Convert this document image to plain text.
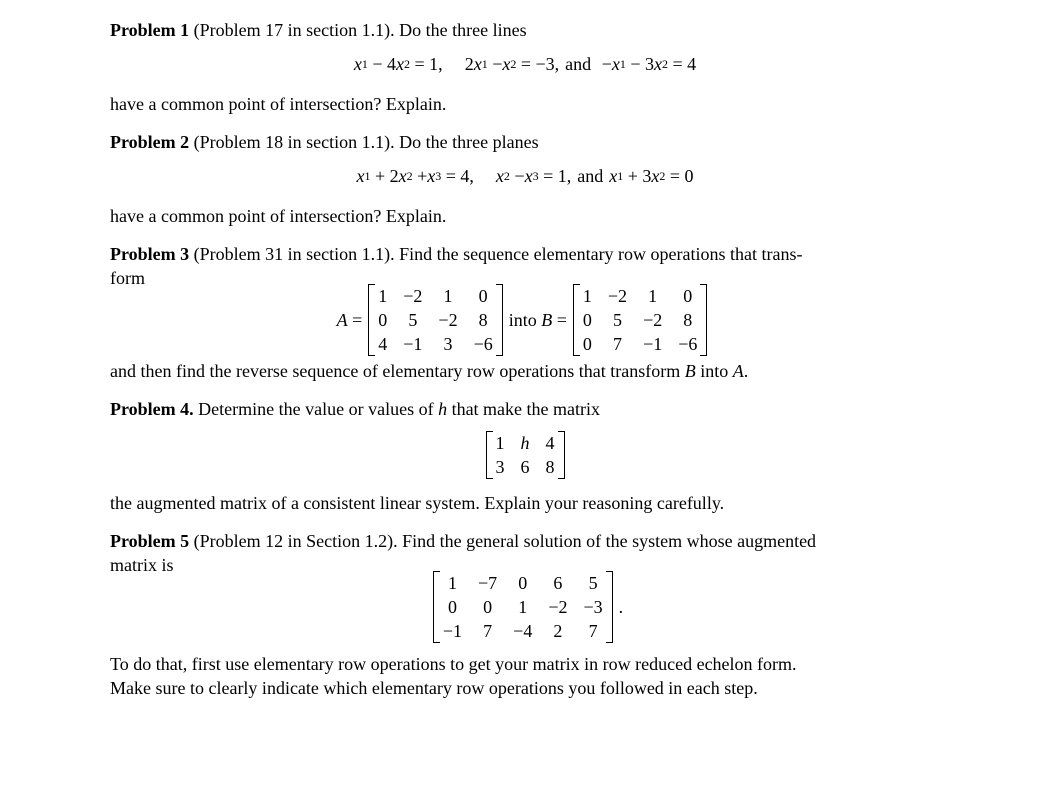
Problem 1 (Problem 17 in section 1.1). Do the three lines

x 1 − 4 x 2 = 1,
2 x 1 − x 2 = −3, and − x 1 − 3 x 2 = 4

have a common point of intersection? Explain.

Problem 2 (Problem 18 in section 1.1). Do the three planes

x 1 + 2 x 2 + x 3 = 4, x 2 − x 3 = 1, and x 1 + 3 x 2 = 0

have a common point of intersection? Explain.

Problem 3 (Problem 31 in section 1.1). Find the sequence elementary row operations that trans-
form

A =
1	−2	1	0
0	5	−2	8
4	−1	3	−6
into
B =
1	−2	1	0
0	5	−2	8
0	7	−1	−6

and then find the reverse sequence of elementary row operations that transform B into A.

Problem 4. Determine the value or values of h that make the matrix

1	h	4
3	6	8

the augmented matrix of a consistent linear system. Explain your reasoning carefully.

Problem 5 (Problem 12 in Section 1.2). Find the general solution of the system whose augmented
matrix is

1	−7	0	6	5
0	0	1	−2	−3
−1	7	−4	2	7
.

To do that, first use elementary row operations to get your matrix in row reduced echelon form.
Make sure to clearly indicate which elementary row operations you followed in each step.
